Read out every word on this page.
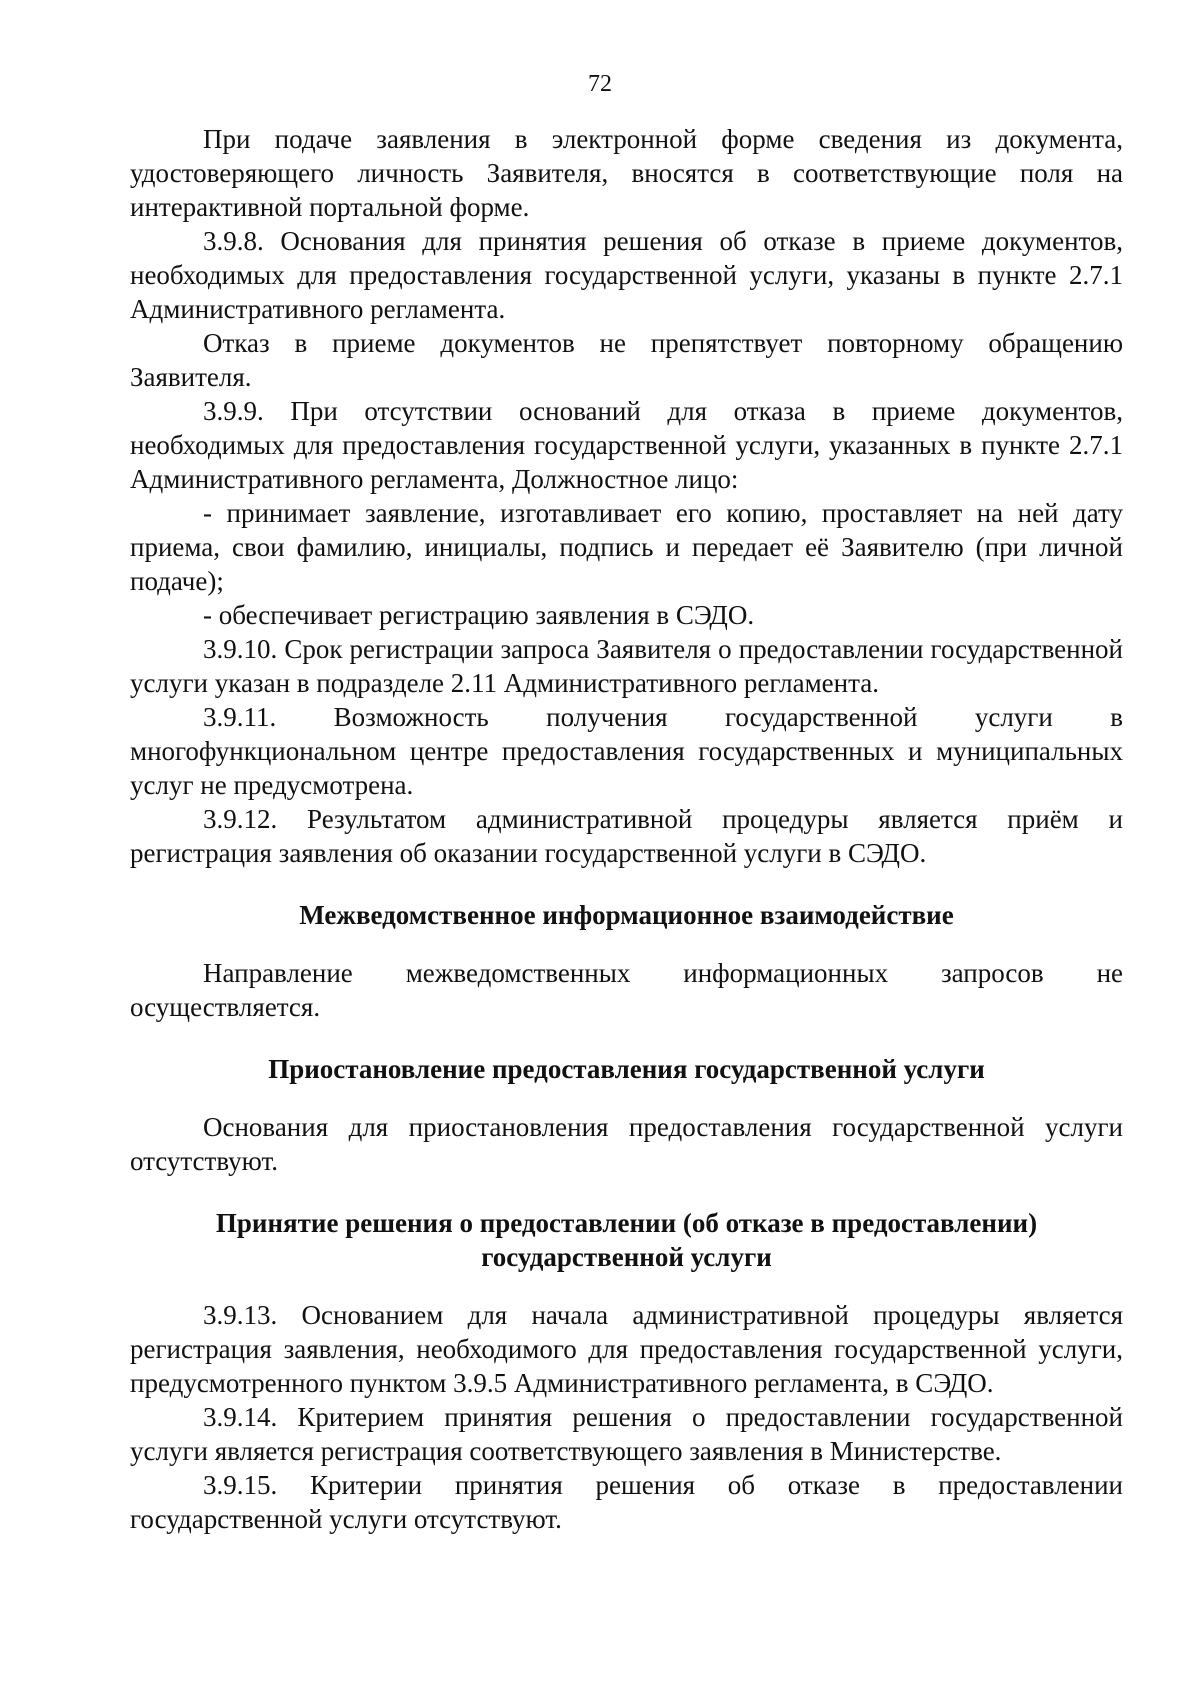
72

При подаче заявления в электронной форме сведения из документа, удостоверяющего личность Заявителя, вносятся в соответствующие поля на интерактивной портальной форме.

3.9.8. Основания для принятия решения об отказе в приеме документов, необходимых для предоставления государственной услуги, указаны в пункте 2.7.1 Административного регламента.

Отказ в приеме документов не препятствует повторному обращению Заявителя.

3.9.9. При отсутствии оснований для отказа в приеме документов, необходимых для предоставления государственной услуги, указанных в пункте 2.7.1 Административного регламента, Должностное лицо:

- принимает заявление, изготавливает его копию, проставляет на ней дату приема, свои фамилию, инициалы, подпись и передает её Заявителю (при личной подаче);

- обеспечивает регистрацию заявления в СЭДО.

3.9.10. Срок регистрации запроса Заявителя о предоставлении государственной услуги указан в подразделе 2.11 Административного регламента.

3.9.11. Возможность получения государственной услуги в многофункциональном центре предоставления государственных и муниципальных услуг не предусмотрена.

3.9.12. Результатом административной процедуры является приём и регистрация заявления об оказании государственной услуги в СЭДО.

Межведомственное информационное взаимодействие

Направление межведомственных информационных запросов не осуществляется.

Приостановление предоставления государственной услуги

Основания для приостановления предоставления государственной услуги отсутствуют.

Принятие решения о предоставлении (об отказе в предоставлении) государственной услуги

3.9.13. Основанием для начала административной процедуры является регистрация заявления, необходимого для предоставления государственной услуги, предусмотренного пунктом 3.9.5 Административного регламента, в СЭДО.

3.9.14. Критерием принятия решения о предоставлении государственной услуги является регистрация соответствующего заявления в Министерстве.

3.9.15. Критерии принятия решения об отказе в предоставлении государственной услуги отсутствуют.
